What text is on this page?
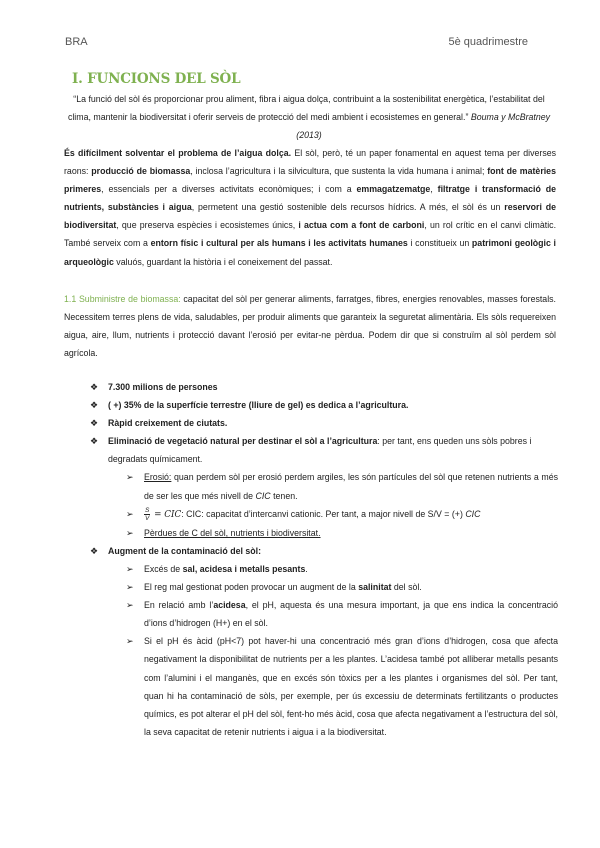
BRA	5è quadrimestre
I. FUNCIONS DEL SÒL

“La funció del sòl és proporcionar prou aliment, fibra i aigua dolça, contribuint a la sostenibilitat energètica, l’estabilitat del clima, mantenir la biodiversitat i oferir serveis de protecció del medi ambient i ecosistemes en general.” Bouma y McBratney (2013)

És difícilment solventar el problema de l’aigua dolça. El sòl, però, té un paper fonamental en aquest tema per diverses raons: producció de biomassa, inclosa l’agricultura i la silvicultura, que sustenta la vida humana i animal; font de matèries primeres, essencials per a diverses activitats econòmiques; i com a emmagatzematge, filtratge i transformació de nutrients, substàncies i aigua, permetent una gestió sostenible dels recursos hídrics. A més, el sòl és un reservori de biodiversitat, que preserva espècies i ecosistemes únics, i actua com a font de carboni, un rol crític en el canvi climàtic. També serveix com a entorn físic i cultural per als humans i les activitats humanes i constitueix un patrimoni geològic i arqueològic valuós, guardant la història i el coneixement del passat.

1.1 Subministre de biomassa: capacitat del sòl per generar aliments, farratges, fibres, energies renovables, masses forestals. Necessitem terres plens de vida, saludables, per produir aliments que garanteix la seguretat alimentària. Els sòls requereixen aigua, aire, llum, nutrients i protecció davant l’erosió per evitar-ne pèrdua. Podem dir que si construïm al sòl perdem sòl agrícola.

❖ 7.300 milions de persones
❖ ( +) 35% de la superfície terrestre (lliure de gel) es dedica a l’agricultura.
❖ Ràpid creixement de ciutats.
❖ Eliminació de vegetació natural per destinar el sòl a l’agricultura: per tant, ens queden uns sòls pobres i degradats químicament.
➢ Erosió: quan perdem sòl per erosió perdem argiles, les són partícules del sòl que retenen nutrients a més de ser les que més nivell de CIC tenen.
➢ $\frac{S}{V}$ = CIC: CIC: capacitat d’intercanvi cationic. Per tant, a major nivell de S/V = (+) CIC
➢ Pèrdues de C del sòl, nutrients i biodiversitat.
❖ Augment de la contaminació del sòl:
➢ Excés de sal, acidesa i metalls pesants.
➢ El reg mal gestionat poden provocar un augment de la salinitat del sòl.
➢ En relació amb l’acidesa, el pH, aquesta és una mesura important, ja que ens indica la concentració d’ions d’hidrogen (H+) en el sòl.
➢ Si el pH és àcid (pH<7) pot haver-hi una concentració més gran d’ions d’hidrogen, cosa que afecta negativament la disponibilitat de nutrients per a les plantes. L’acidesa també pot alliberar metalls pesants com l’alumini i el manganès, que en excés són tòxics per a les plantes i organismes del sòl. Per tant, quan hi ha contaminació de sòls, per exemple, per ús excessiu de determinats fertilitzants o productes químics, es pot alterar el pH del sòl, fent-ho més àcid, cosa que afecta negativament a l’estructura del sòl, la seva capacitat de retenir nutrients i aigua i a la biodiversitat.
